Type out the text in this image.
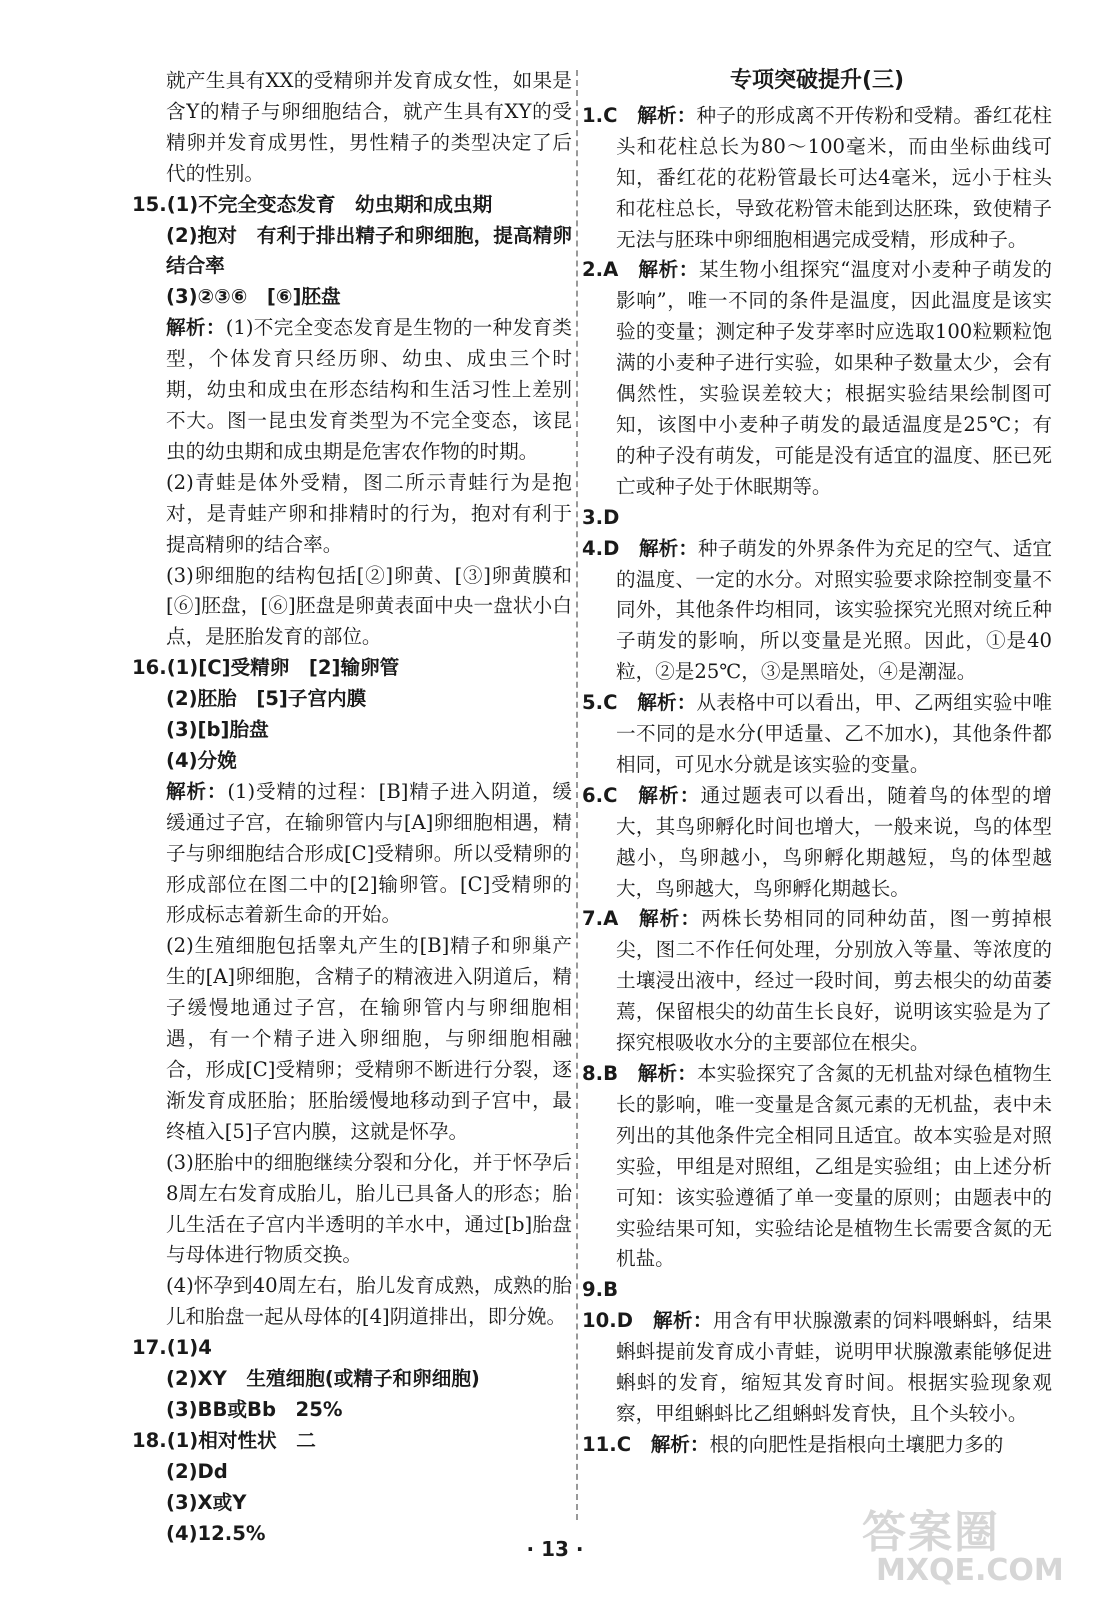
就产生具有XX的受精卵并发育成女性，如果是含Y的精子与卵细胞结合，就产生具有XY的受精卵并发育成男性，男性精子的类型决定了后代的性别。

15.(1)不完全变态发育　幼虫期和成虫期

(2)抱对　有利于排出精子和卵细胞，提高精卵结合率

(3)②③⑥　[⑥]胚盘

解析：(1)不完全变态发育是生物的一种发育类型，个体发育只经历卵、幼虫、成虫三个时期，幼虫和成虫在形态结构和生活习性上差别不大。图一昆虫发育类型为不完全变态，该昆虫的幼虫期和成虫期是危害农作物的时期。

(2)青蛙是体外受精，图二所示青蛙行为是抱对，是青蛙产卵和排精时的行为，抱对有利于提高精卵的结合率。

(3)卵细胞的结构包括[②]卵黄、[③]卵黄膜和[⑥]胚盘，[⑥]胚盘是卵黄表面中央一盘状小白点，是胚胎发育的部位。

16.(1)[C]受精卵　[2]输卵管

(2)胚胎　[5]子宫内膜

(3)[b]胎盘

(4)分娩

解析：(1)受精的过程：[B]精子进入阴道，缓缓通过子宫，在输卵管内与[A]卵细胞相遇，精子与卵细胞结合形成[C]受精卵。所以受精卵的形成部位在图二中的[2]输卵管。[C]受精卵的形成标志着新生命的开始。

(2)生殖细胞包括睾丸产生的[B]精子和卵巢产生的[A]卵细胞，含精子的精液进入阴道后，精子缓慢地通过子宫，在输卵管内与卵细胞相遇，有一个精子进入卵细胞，与卵细胞相融合，形成[C]受精卵；受精卵不断进行分裂，逐渐发育成胚胎；胚胎缓慢地移动到子宫中，最终植入[5]子宫内膜，这就是怀孕。

(3)胚胎中的细胞继续分裂和分化，并于怀孕后8周左右发育成胎儿，胎儿已具备人的形态；胎儿生活在子宫内半透明的羊水中，通过[b]胎盘与母体进行物质交换。

(4)怀孕到40周左右，胎儿发育成熟，成熟的胎儿和胎盘一起从母体的[4]阴道排出，即分娩。

17.(1)4

(2)XY　生殖细胞(或精子和卵细胞)

(3)BB或Bb　25%

18.(1)相对性状　二

(2)Dd

(3)X或Y

(4)12.5%

专项突破提升(三)

1.C  解析：种子的形成离不开传粉和受精。番红花柱头和花柱总长为80～100毫米，而由坐标曲线可知，番红花的花粉管最长可达4毫米，远小于柱头和花柱总长，导致花粉管未能到达胚珠，致使精子无法与胚珠中卵细胞相遇完成受精，形成种子。

2.A  解析：某生物小组探究“温度对小麦种子萌发的影响”，唯一不同的条件是温度，因此温度是该实验的变量；测定种子发芽率时应选取100粒颗粒饱满的小麦种子进行实验，如果种子数量太少，会有偶然性，实验误差较大；根据实验结果绘制图可知，该图中小麦种子萌发的最适温度是25℃；有的种子没有萌发，可能是没有适宜的温度、胚已死亡或种子处于休眠期等。

3.D 

4.D  解析：种子萌发的外界条件为充足的空气、适宜的温度、一定的水分。对照实验要求除控制变量不同外，其他条件均相同，该实验探究光照对统丘种子萌发的影响，所以变量是光照。因此，①是40粒，②是25℃，③是黑暗处，④是潮湿。

5.C  解析：从表格中可以看出，甲、乙两组实验中唯一不同的是水分(甲适量、乙不加水)，其他条件都相同，可见水分就是该实验的变量。

6.C  解析：通过题表可以看出，随着鸟的体型的增大，其鸟卵孵化时间也增大，一般来说，鸟的体型越小，鸟卵越小，鸟卵孵化期越短，鸟的体型越大，鸟卵越大，鸟卵孵化期越长。

7.A  解析：两株长势相同的同种幼苗，图一剪掉根尖，图二不作任何处理，分别放入等量、等浓度的土壤浸出液中，经过一段时间，剪去根尖的幼苗萎蔫，保留根尖的幼苗生长良好，说明该实验是为了探究根吸收水分的主要部位在根尖。

8.B  解析：本实验探究了含氮的无机盐对绿色植物生长的影响，唯一变量是含氮元素的无机盐，表中未列出的其他条件完全相同且适宜。故本实验是对照实验，甲组是对照组，乙组是实验组；由上述分析可知：该实验遵循了单一变量的原则；由题表中的实验结果可知，实验结论是植物生长需要含氮的无机盐。

9.B 

10.D  解析：用含有甲状腺激素的饲料喂蝌蚪，结果蝌蚪提前发育成小青蛙，说明甲状腺激素能够促进蝌蚪的发育，缩短其发育时间。根据实验现象观察，甲组蝌蚪比乙组蝌蚪发育快，且个头较小。

11.C  解析：根的向肥性是指根向土壤肥力多的

· 13 ·	答案圈
MXQE.COM
